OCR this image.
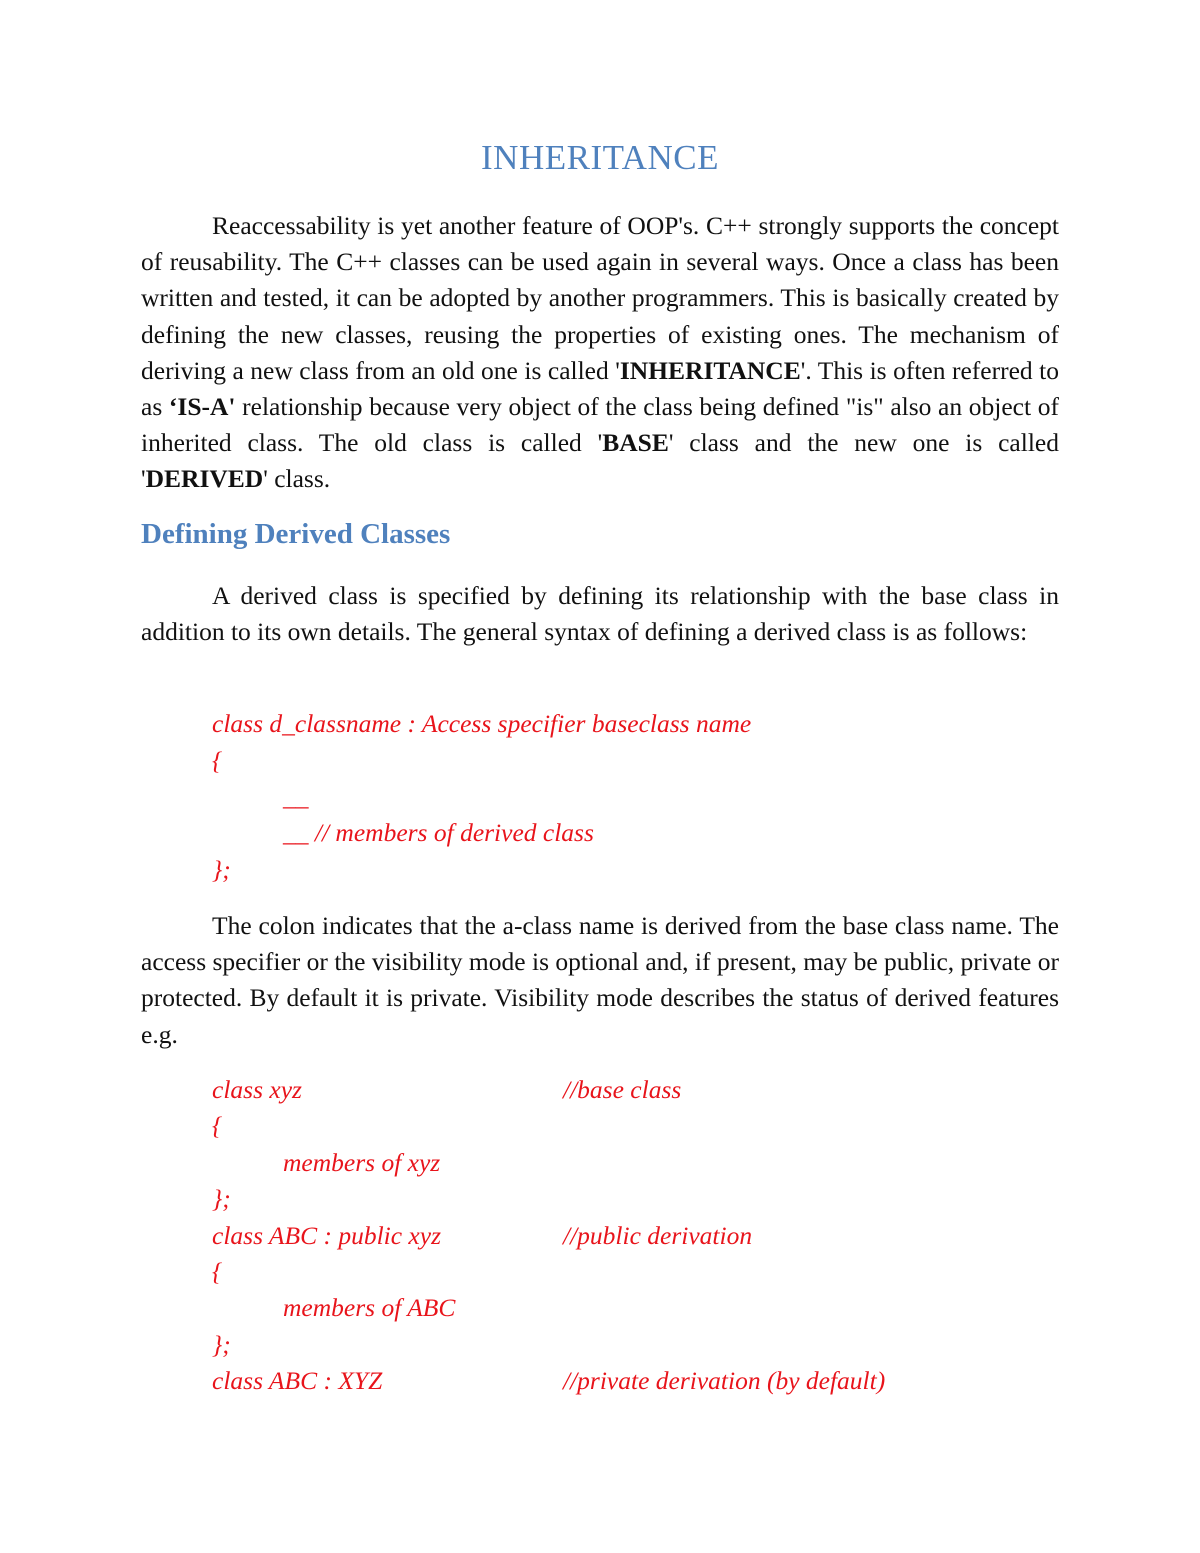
INHERITANCE

Reaccessability is yet another feature of OOP's. C++ strongly supports the concept of reusability. The C++ classes can be used again in several ways. Once a class has been written and tested, it can be adopted by another programmers. This is basically created by defining the new classes, reusing the properties of existing ones. The mechanism of deriving a new class from an old one is called 'INHERITANCE'. This is often referred to as ‘IS-A' relationship because very object of the class being defined "is" also an object of inherited class. The old class is called 'BASE' class and the new one is called 'DERIVED' class.

Defining Derived Classes

A derived class is specified by defining its relationship with the base class in addition to its own details. The general syntax of defining a derived class is as follows:

class d_classname : Access specifier baseclass name
{
__
__ // members of derived class
};

The colon indicates that the a-class name is derived from the base class name. The access specifier or the visibility mode is optional and, if present, may be public, private or protected. By default it is private. Visibility mode describes the status of derived features e.g.

class xyz	//base class
{
members of xyz
};
class ABC : public xyz	//public derivation
{
members of ABC
};
class ABC : XYZ	//private derivation (by default)
